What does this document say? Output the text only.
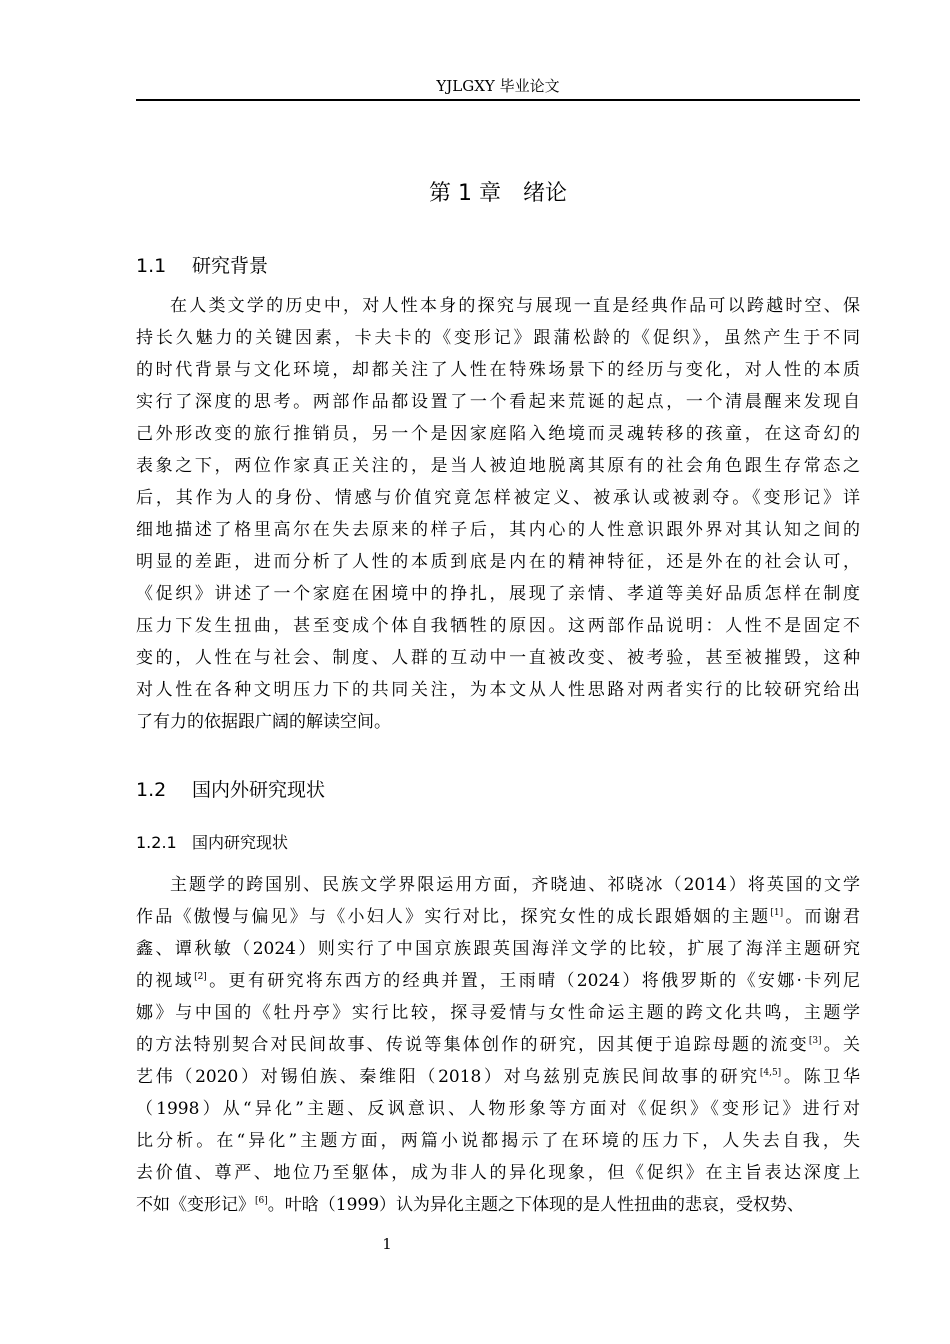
YJLGXY 毕业论文
第 1 章 绪论
1.1 研究背景
在人类文学的历史中，对人性本身的探究与展现一直是经典作品可以跨越时空、保
持长久魅力的关键因素，卡夫卡的《变形记》跟蒲松龄的《促织》，虽然产生于不同
的时代背景与文化环境，却都关注了人性在特殊场景下的经历与变化，对人性的本质
实行了深度的思考。两部作品都设置了一个看起来荒诞的起点，一个清晨醒来发现自
己外形改变的旅行推销员，另一个是因家庭陷入绝境而灵魂转移的孩童，在这奇幻的
表象之下，两位作家真正关注的，是当人被迫地脱离其原有的社会角色跟生存常态之
后，其作为人的身份、情感与价值究竟怎样被定义、被承认或被剥夺。《变形记》详
细地描述了格里高尔在失去原来的样子后，其内心的人性意识跟外界对其认知之间的
明显的差距，进而分析了人性的本质到底是内在的精神特征，还是外在的社会认可，
《促织》讲述了一个家庭在困境中的挣扎，展现了亲情、孝道等美好品质怎样在制度
压力下发生扭曲，甚至变成个体自我牺牲的原因。这两部作品说明：人性不是固定不
变的，人性在与社会、制度、人群的互动中一直被改变、被考验，甚至被摧毁，这种
对人性在各种文明压力下的共同关注，为本文从人性思路对两者实行的比较研究给出
了有力的依据跟广阔的解读空间。
1.2 国内外研究现状
1.2.1 国内研究现状
主题学的跨国别、民族文学界限运用方面，齐晓迪、祁晓冰（2014）将英国的文学
作品《傲慢与偏见》与《小妇人》实行对比，探究女性的成长跟婚姻的主题[1]。而谢君
鑫、谭秋敏（2024）则实行了中国京族跟英国海洋文学的比较，扩展了海洋主题研究
的视域[2]。更有研究将东西方的经典并置，王雨晴（2024）将俄罗斯的《安娜·卡列尼
娜》与中国的《牡丹亭》实行比较，探寻爱情与女性命运主题的跨文化共鸣，主题学
的方法特别契合对民间故事、传说等集体创作的研究，因其便于追踪母题的流变[3]。关
艺伟（2020）对锡伯族、秦维阳（2018）对乌兹别克族民间故事的研究[4,5]。陈卫华
（1998）从“异化”主题、反讽意识、人物形象等方面对《促织》《变形记》进行对
比分析。在“异化”主题方面，两篇小说都揭示了在环境的压力下，人失去自我，失
去价值、尊严、地位乃至躯体，成为非人的异化现象，但《促织》在主旨表达深度上
不如《变形记》[6]。叶晗（1999）认为异化主题之下体现的是人性扭曲的悲哀，受权势、
1
